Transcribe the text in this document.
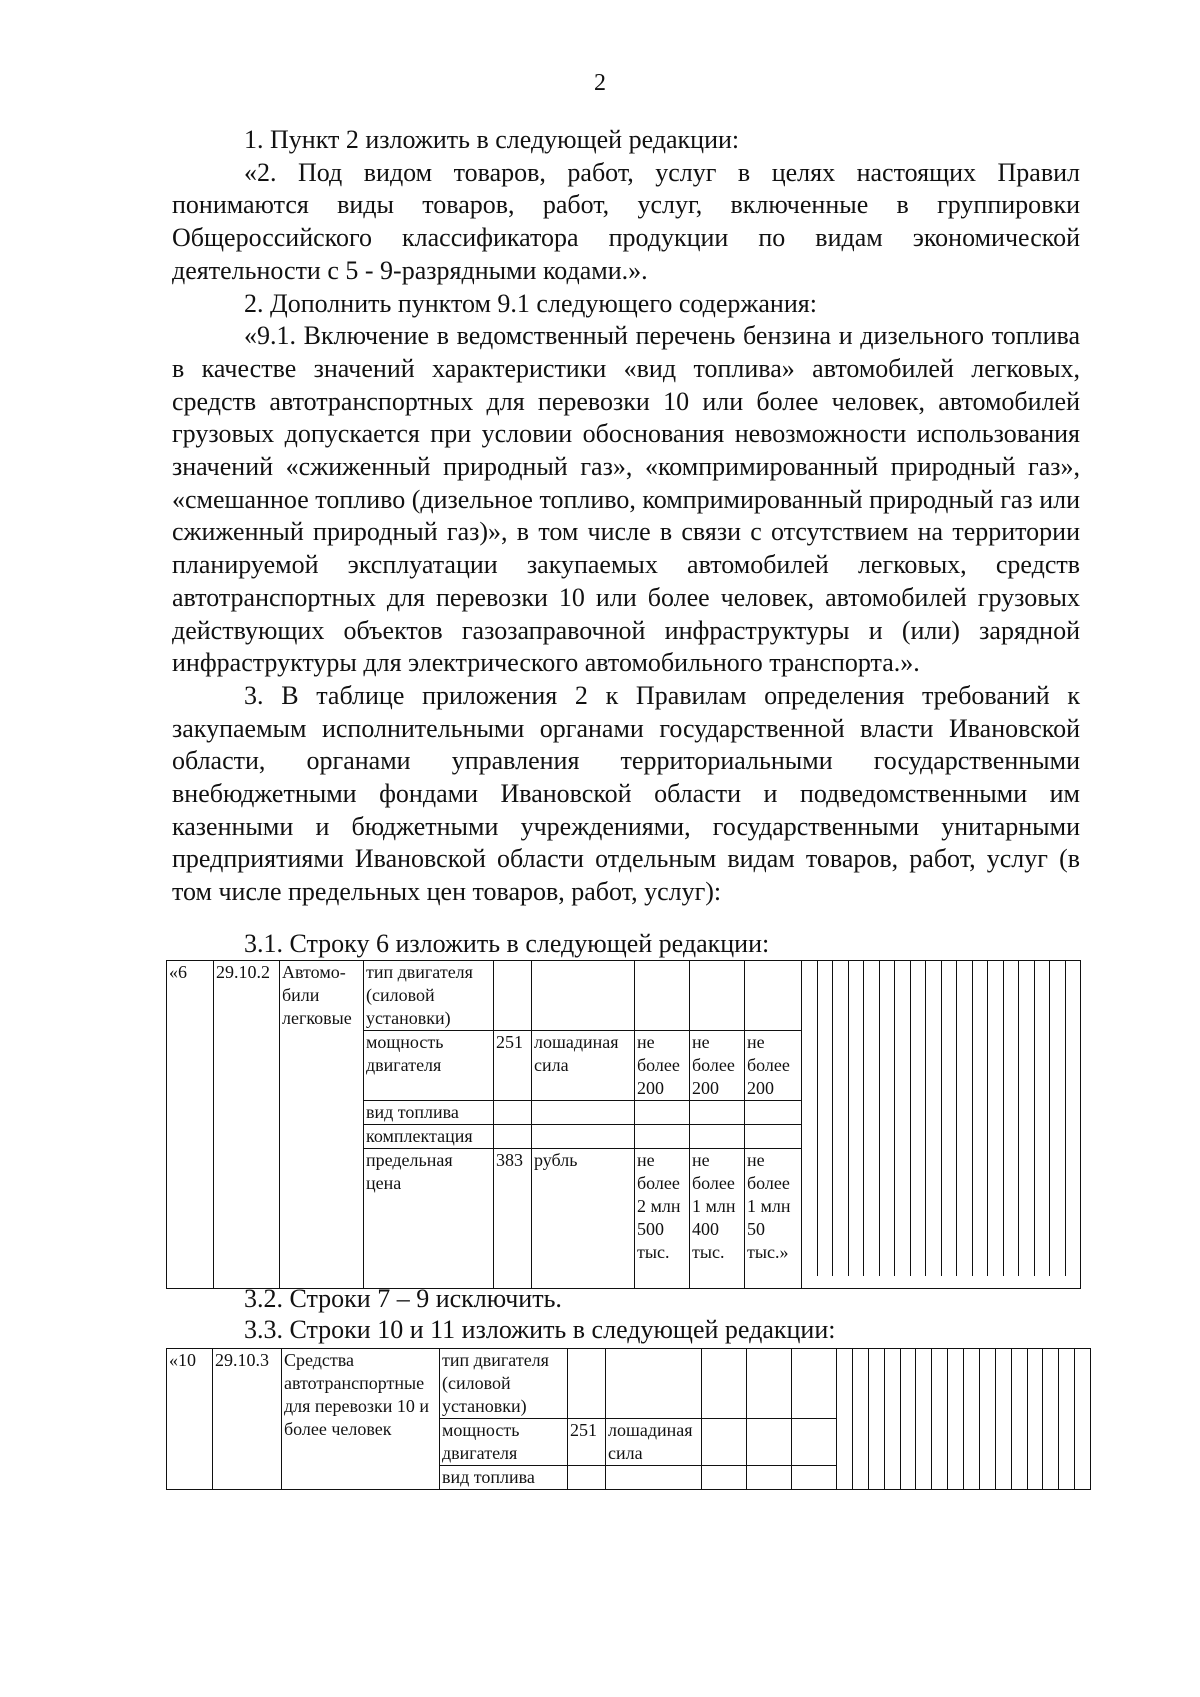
2

1. Пункт 2 изложить в следующей редакции:

«2. Под видом товаров, работ, услуг в целях настоящих Правил понимаются виды товаров, работ, услуг, включенные в группировки Общероссийского классификатора продукции по видам экономической деятельности с 5 - 9-разрядными кодами.».

2. Дополнить пунктом 9.1 следующего содержания:

«9.1. Включение в ведомственный перечень бензина и дизельного топлива в качестве значений характеристики «вид топлива» автомобилей легковых, средств автотранспортных для перевозки 10 или более человек, автомобилей грузовых допускается при условии обоснования невозможности использования значений «сжиженный природный газ», «компримированный природный газ», «смешанное топливо (дизельное топливо, компримированный природный газ или сжиженный природный газ)», в том числе в связи с отсутствием на территории планируемой эксплуатации закупаемых автомобилей легковых, средств автотранспортных для перевозки 10 или более человек, автомобилей грузовых действующих объектов газозаправочной инфраструктуры и (или) зарядной инфраструктуры для электрического автомобильного транспорта.».

3. В таблице приложения 2 к Правилам определения требований к закупаемым исполнительными органами государственной власти Ивановской области, органами управления территориальными государственными внебюджетными фондами Ивановской области и подведомственными им казенными и бюджетными учреждениями, государственными унитарными предприятиями Ивановской области отдельным видам товаров, работ, услуг (в том числе предельных цен товаров, работ, услуг):

3.1. Строку 6 изложить в следующей редакции:
«6	29.10.2	Автомо-били легковые	тип двигателя (силовой установки)						

			мощность двигателя	251	лошадиная сила	не более 200	не более 200	не более 200	
			вид топлива						
			комплектация						
			предельная цена	383	рубль	не более 2 млн 500 тыс.	не более 1 млн 400 тыс.	не более 1 млн 50 тыс.»	
3.2. Строки 7 – 9 исключить.
3.3. Строки 10 и 11 изложить в следующей редакции:
«10	29.10.3	Средства автотранспортные для перевозки 10 и более человек	тип двигателя (силовой установки)						

			мощность двигателя	251	лошадиная сила				
			вид топлива						
